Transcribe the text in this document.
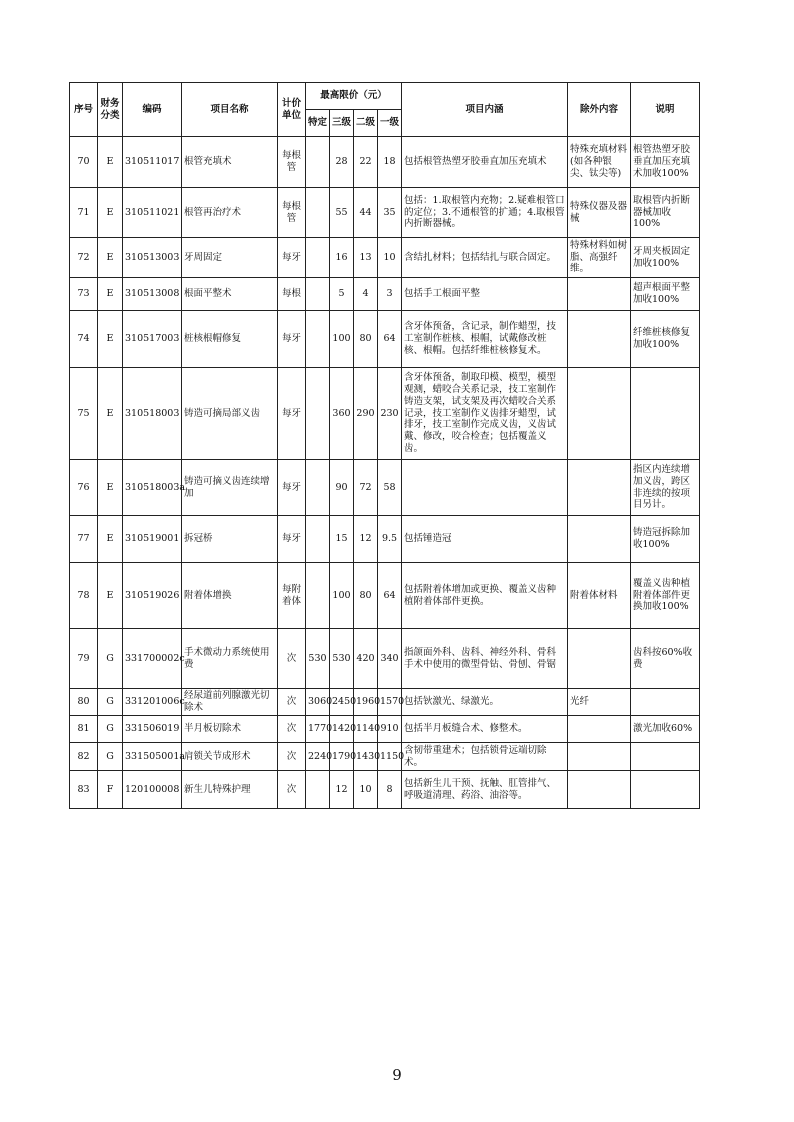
序号	财务分类	编码	项目名称	计价单位	最高限价（元）				项目内涵	除外内容	说明
					特定	三级	二级	一级			
70	E	310511017	根管充填术	每根管		28	22	18	包括根管热塑牙胶垂直加压充填术	特殊充填材料(如各种银尖、钛尖等)	根管热塑牙胶垂直加压充填术加收100%
71	E	310511021	根管再治疗术	每根管		55	44	35	包括：1.取根管内充物；2.疑难根管口的定位；3.不通根管的扩通；4.取根管内折断器械。	特殊仪器及器械	取根管内折断器械加收100%
72	E	310513003	牙周固定	每牙		16	13	10	含结扎材料；包括结扎与联合固定。	特殊材料如树脂、高强纤维。	牙周夹板固定加收100%
73	E	310513008	根面平整术	每根		5	4	3	包括手工根面平整		超声根面平整加收100%
74	E	310517003	桩核根帽修复	每牙		100	80	64	含牙体预备，含记录，制作蜡型，技工室制作桩核、根帽，试戴修改桩核、根帽。包括纤维桩核修复术。		纤维桩核修复加收100%
75	E	310518003	铸造可摘局部义齿	每牙		360	290	230	含牙体预备，制取印模、模型，模型观测，蜡咬合关系记录，技工室制作铸造支架，试支架及再次蜡咬合关系记录，技工室制作义齿排牙蜡型，试排牙，技工室制作完成义齿，义齿试戴、修改，咬合检查；包括覆盖义齿。		
76	E	310518003a	铸造可摘义齿连续增加	每牙		90	72	58			指区内连续增加义齿，跨区非连续的按项目另计。
77	E	310519001	拆冠桥	每牙		15	12	9.5	包括锤造冠		铸造冠拆除加收100%
78	E	310519026	附着体增换	每附着体		100	80	64	包括附着体增加或更换、覆盖义齿种植附着体部件更换。	附着体材料	覆盖义齿种植附着体部件更换加收100%
79	G	331700002c	手术微动力系统使用费	次	530	530	420	340	指颌面外科、齿科、神经外科、骨科手术中使用的微型骨钻、骨刨、骨锯		齿科按60%收费
80	G	331201006c	经尿道前列腺激光切除术	次	3060	2450	1960	1570	包括钬激光、绿激光。	光纤	
81	G	331506019	半月板切除术	次	1770	1420	1140	910	包括半月板缝合术、修整术。		激光加收60%
82	G	331505001a	肩锁关节成形术	次	2240	1790	1430	1150	含韧带重建术；包括锁骨远端切除术。		
83	F	120100008	新生儿特殊护理	次		12	10	8	包括新生儿干预、抚触、肛管排气、呼吸道清理、药浴、油浴等。		
9
